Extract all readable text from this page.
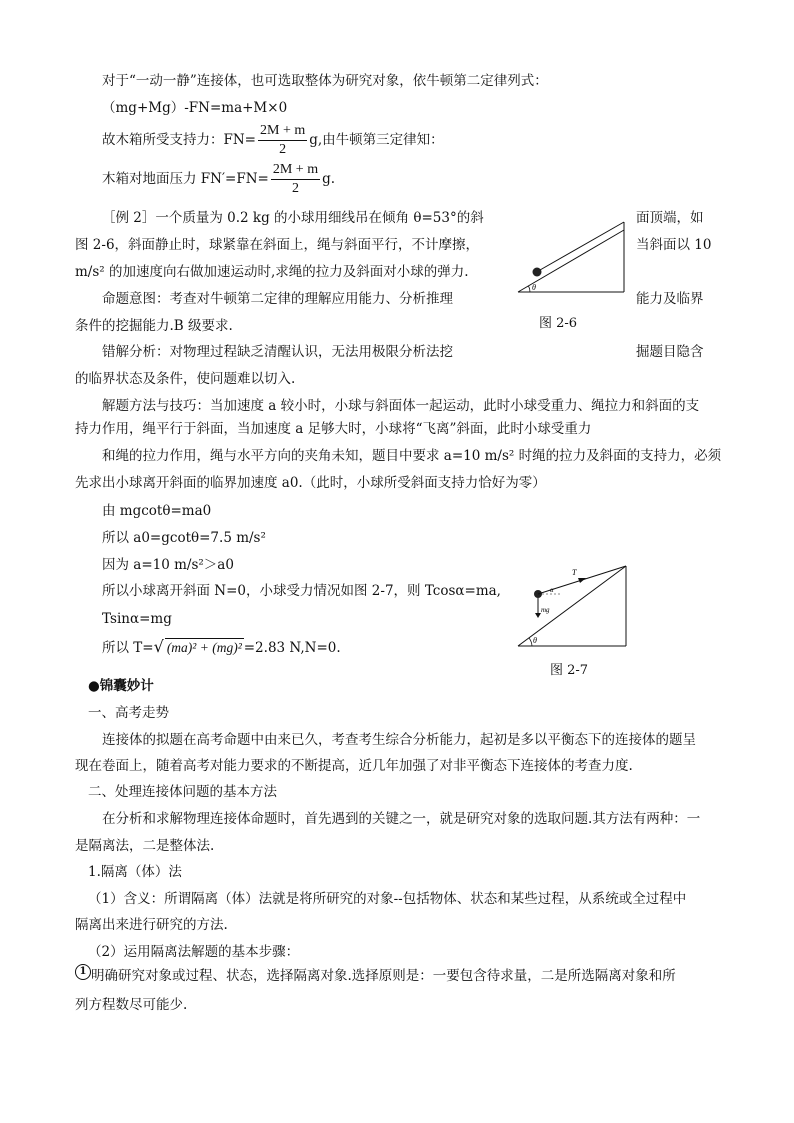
对于“一动一静”连接体，也可选取整体为研究对象，依牛顿第二定律列式：
（mg+Mg）-FN=ma+M×0
故木箱所受支持力：$FN= \frac{2M + m}{2} g$,由牛顿第三定律知：
木箱对地面压力 $FN'=FN= \frac{2M + m}{2} g$.
［例 2］一个质量为 0.2 kg 的小球用细线吊在倾角 θ=53°的斜	面顶端，如
图 2-6，斜面静止时，球紧靠在斜面上，绳与斜面平行，不计摩擦，	当斜面以 10
m/s² 的加速度向右做加速运动时,求绳的拉力及斜面对小球的弹力.
命题意图：考查对牛顿第二定律的理解应用能力、分析推理	能力及临界
条件的挖掘能力.B 级要求.
错解分析：对物理过程缺乏清醒认识，无法用极限分析法挖	掘题目隐含
的临界状态及条件，使问题难以切入.
解题方法与技巧：当加速度 a 较小时，小球与斜面体一起运动，此时小球受重力、绳拉力和斜面的支
持力作用，绳平行于斜面，当加速度 a 足够大时，小球将“飞离”斜面，此时小球受重力
和绳的拉力作用，绳与水平方向的夹角未知，题目中要求 a=10 m/s² 时绳的拉力及斜面的支持力，必须
先求出小球离开斜面的临界加速度 a0.（此时，小球所受斜面支持力恰好为零）
由 mgcotθ=ma0
所以 a0=gcotθ=7.5 m/s²
因为 a=10 m/s²＞a0
所以小球离开斜面 N=0，小球受力情况如图 2-7，则 Tcosα=ma,
Tsinα=mg
所以 T=√ (ma)² + (mg)² =2.83 N,N=0.
●锦囊妙计
一、高考走势
连接体的拟题在高考命题中由来已久，考查考生综合分析能力，起初是多以平衡态下的连接体的题呈
现在卷面上，随着高考对能力要求的不断提高，近几年加强了对非平衡态下连接体的考查力度.
二、处理连接体问题的基本方法
在分析和求解物理连接体命题时，首先遇到的关键之一，就是研究对象的选取问题.其方法有两种：一
是隔离法，二是整体法.
1.隔离（体）法
（1）含义：所谓隔离（体）法就是将所研究的对象--包括物体、状态和某些过程，从系统或全过程中
隔离出来进行研究的方法.
（2）运用隔离法解题的基本步骤：
1 明确研究对象或过程、状态，选择隔离对象.选择原则是：一要包含待求量，二是所选隔离对象和所
列方程数尽可能少.
θ
图 2-6
T
α
mg
θ
图 2-7
